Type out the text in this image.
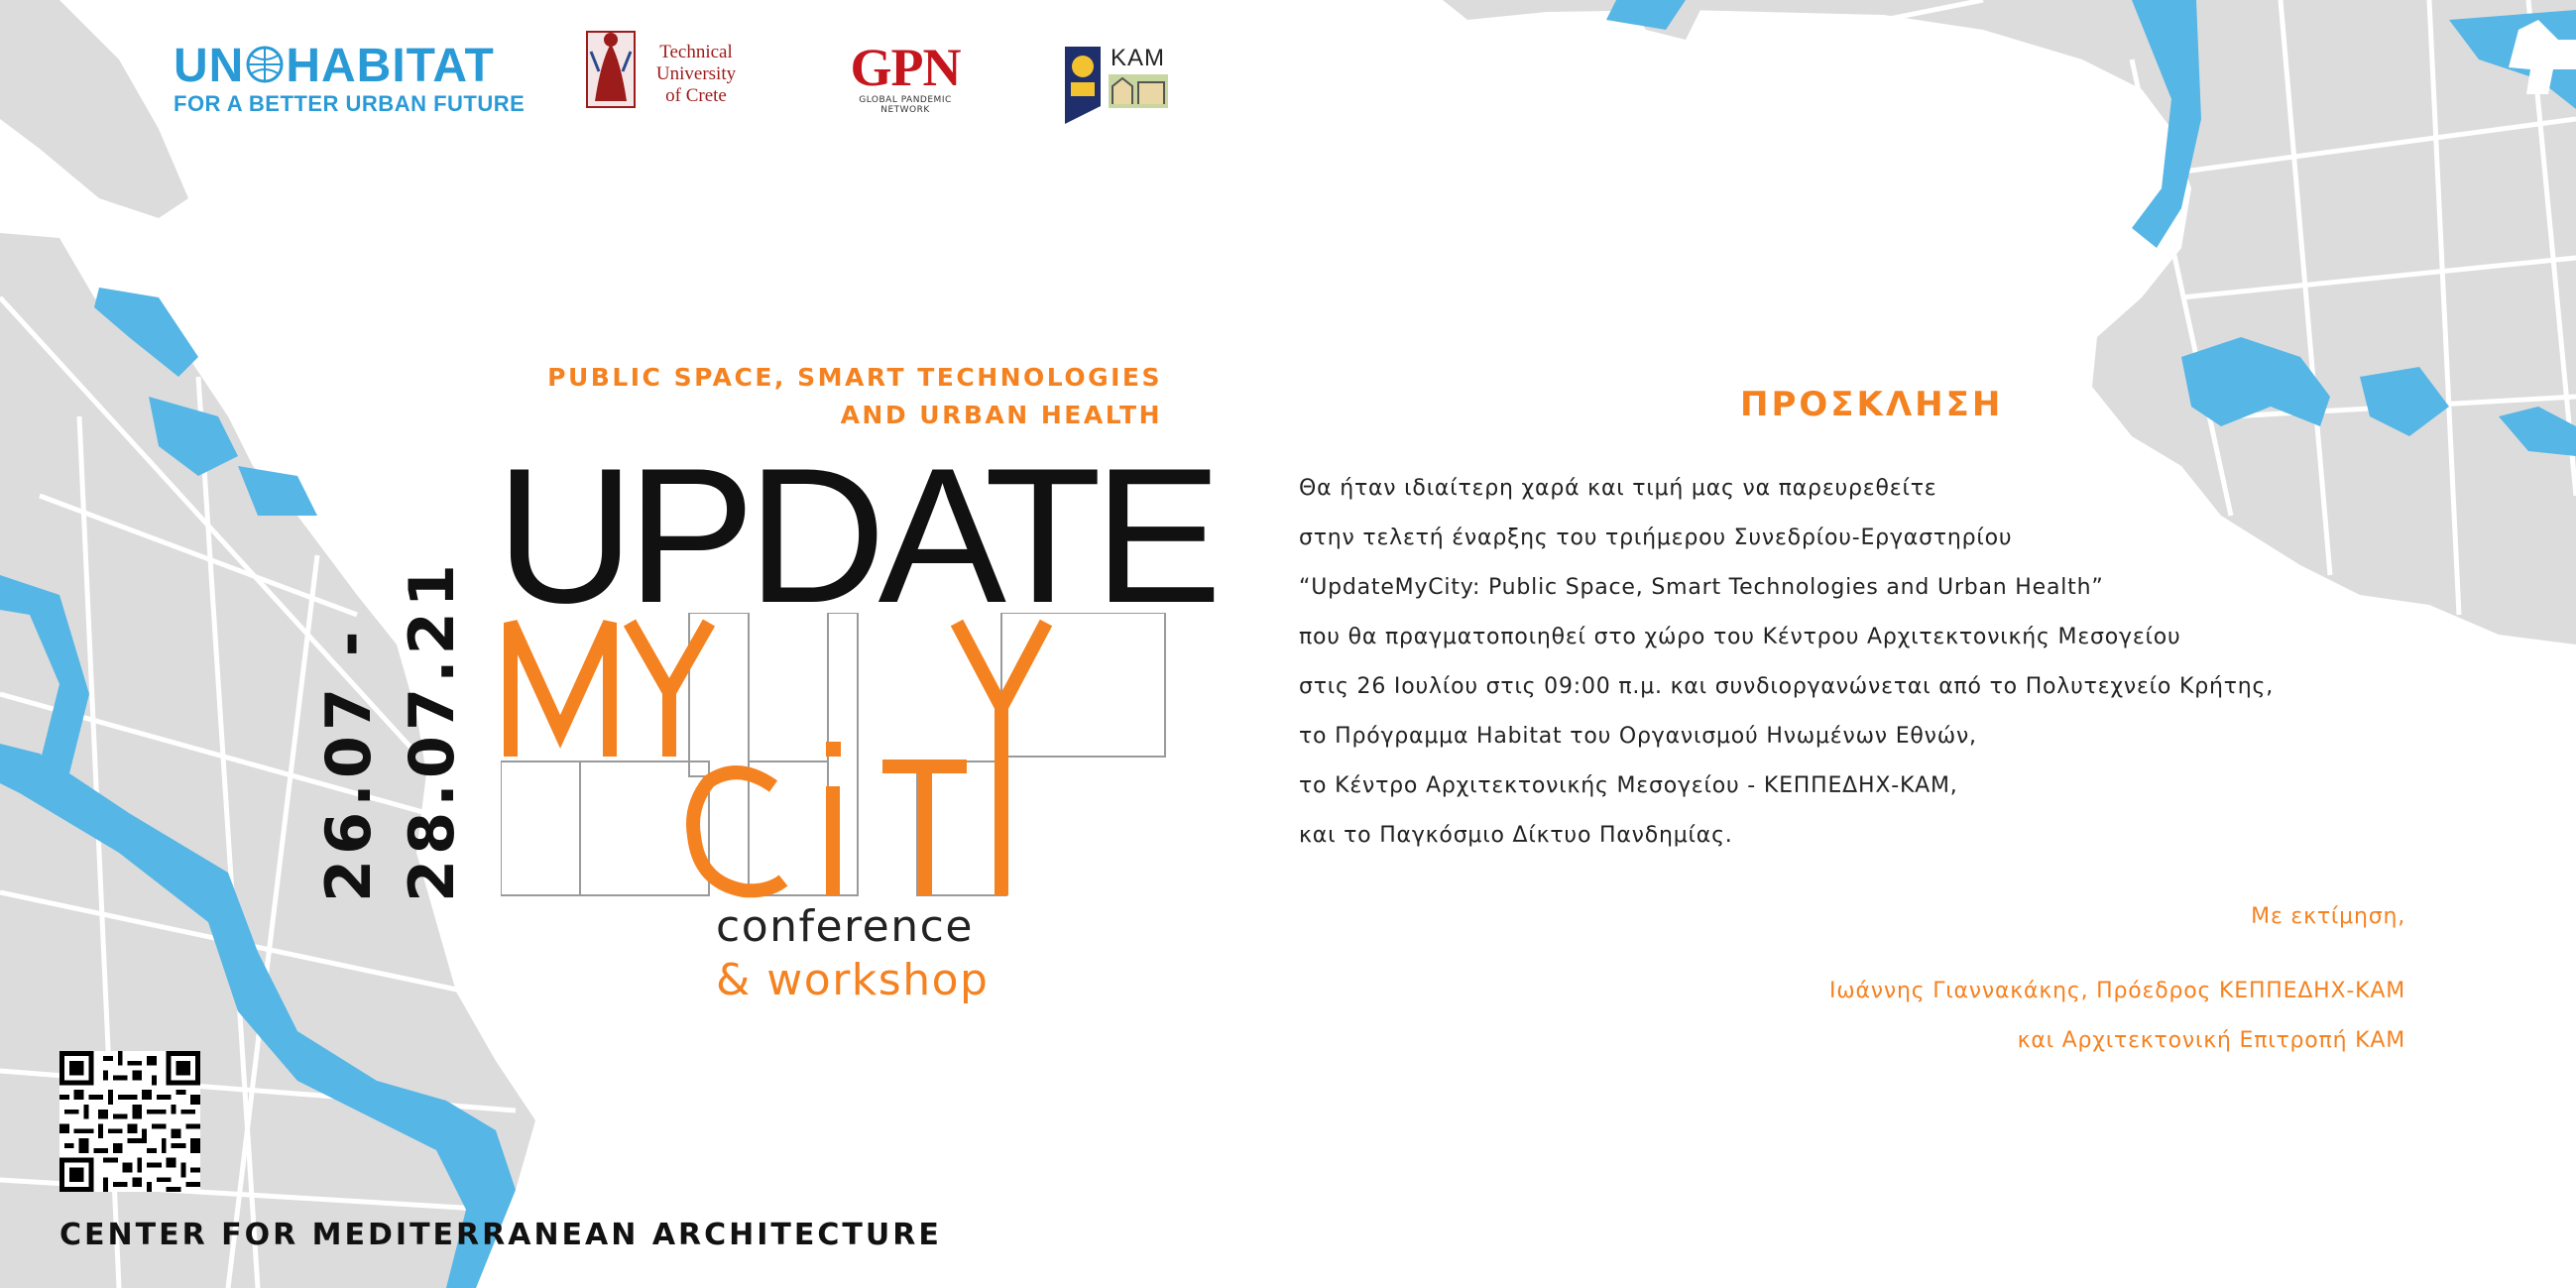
UN HABITAT
FOR A BETTER URBAN FUTURE
Technical
University
of Crete	GPN
GLOBAL PANDEMIC NETWORK
KAM
PUBLIC SPACE, SMART TECHNOLOGIES
AND URBAN HEALTH
26.07 - 28.07.21
UPDATE
conference
& workshop
ΠΡΟΣΚΛΗΣΗ
Θα ήταν ιδιαίτερη χαρά και τιμή μας να παρευρεθείτε
στην τελετή έναρξης του τριήμερου Συνεδρίου-Εργαστηρίου
“UpdateMyCity: Public Space, Smart Technologies and Urban Health”
που θα πραγματοποιηθεί στο χώρο του Κέντρου Αρχιτεκτονικής Μεσογείου
στις 26 Ιουλίου στις 09:00 π.μ. και συνδιοργανώνεται από το Πολυτεχνείο Κρήτης,
το Πρόγραμμα Habitat του Οργανισμού Ηνωμένων Εθνών,
το Κέντρο Αρχιτεκτονικής Μεσογείου - ΚΕΠΠΕΔΗΧ-ΚΑΜ,
και το Παγκόσμιο Δίκτυο Πανδημίας.
Με εκτίμηση,
Ιωάννης Γιαννακάκης, Πρόεδρος ΚΕΠΠΕΔΗΧ-ΚΑΜ
και Αρχιτεκτονική Επιτροπή ΚΑΜ
CENTER FOR MEDITERRANEAN ARCHITECTURE
